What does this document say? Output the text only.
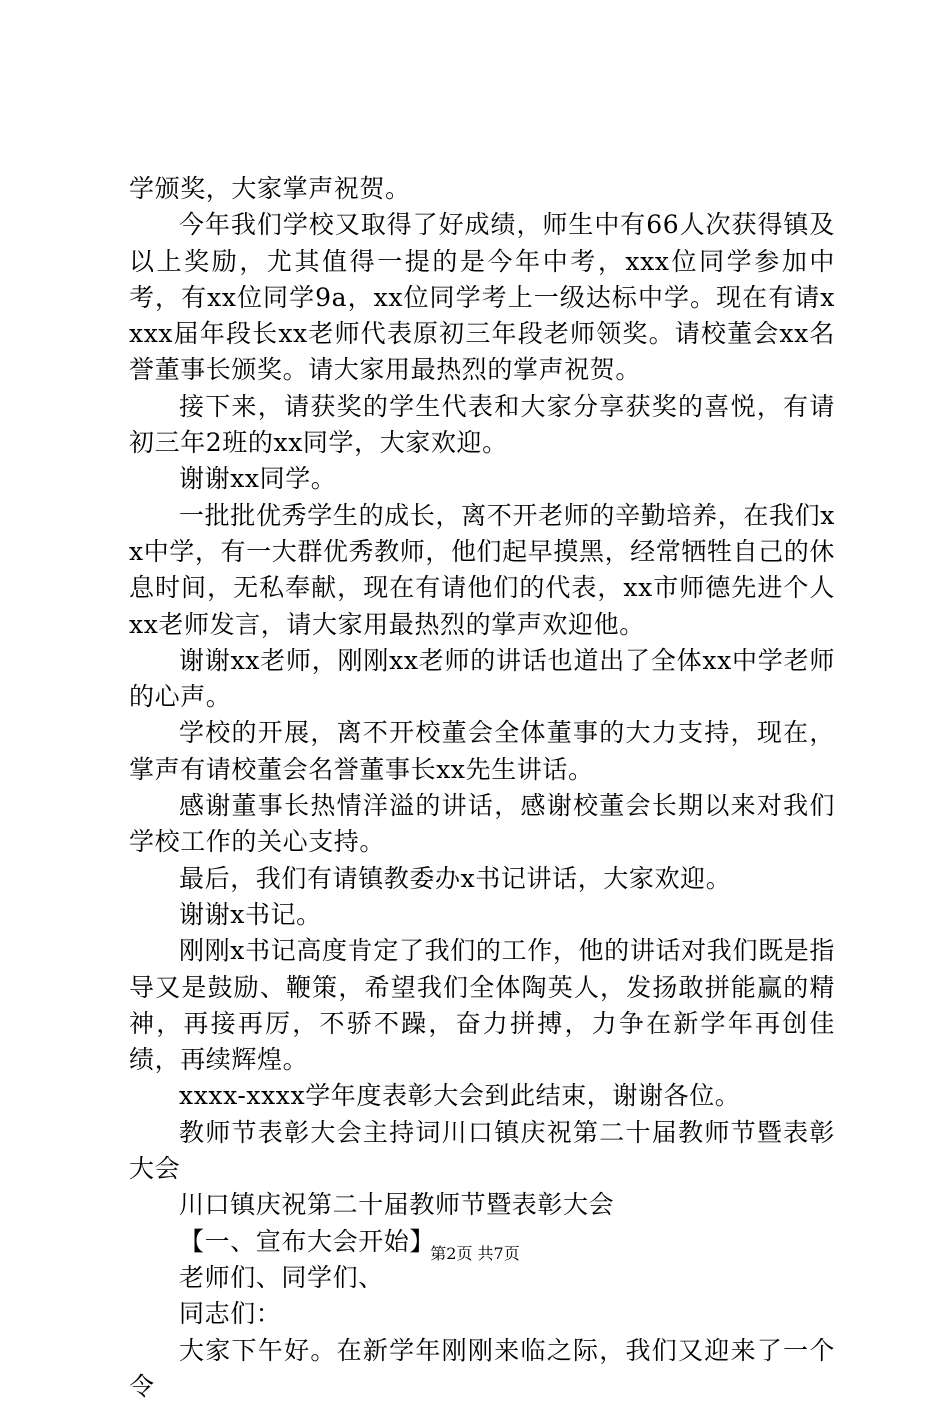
学颁奖，大家掌声祝贺。

今年我们学校又取得了好成绩，师生中有66人次获得镇及以上奖励，尤其值得一提的是今年中考，xxx位同学参加中考，有xx位同学9a，xx位同学考上一级达标中学。现在有请xxxx届年段长xx老师代表原初三年段老师领奖。请校董会xx名誉董事长颁奖。请大家用最热烈的掌声祝贺。

接下来，请获奖的学生代表和大家分享获奖的喜悦，有请初三年2班的xx同学，大家欢迎。

谢谢xx同学。

一批批优秀学生的成长，离不开老师的辛勤培养，在我们xx中学，有一大群优秀教师，他们起早摸黑，经常牺牲自己的休息时间，无私奉献，现在有请他们的代表，xx市师德先进个人xx老师发言，请大家用最热烈的掌声欢迎他。

谢谢xx老师，刚刚xx老师的讲话也道出了全体xx中学老师的心声。

学校的开展，离不开校董会全体董事的大力支持，现在，掌声有请校董会名誉董事长xx先生讲话。

感谢董事长热情洋溢的讲话，感谢校董会长期以来对我们学校工作的关心支持。

最后，我们有请镇教委办x书记讲话，大家欢迎。

谢谢x书记。

刚刚x书记高度肯定了我们的工作，他的讲话对我们既是指导又是鼓励、鞭策，希望我们全体陶英人，发扬敢拼能赢的精神，再接再厉，不骄不躁，奋力拼搏，力争在新学年再创佳绩，再续辉煌。

xxxx-xxxx学年度表彰大会到此结束，谢谢各位。

教师节表彰大会主持词川口镇庆祝第二十届教师节暨表彰大会

川口镇庆祝第二十届教师节暨表彰大会

【一、宣布大会开始】

老师们、同学们、

同志们：

大家下午好。在新学年刚刚来临之际，我们又迎来了一个令

第2页 共7页
